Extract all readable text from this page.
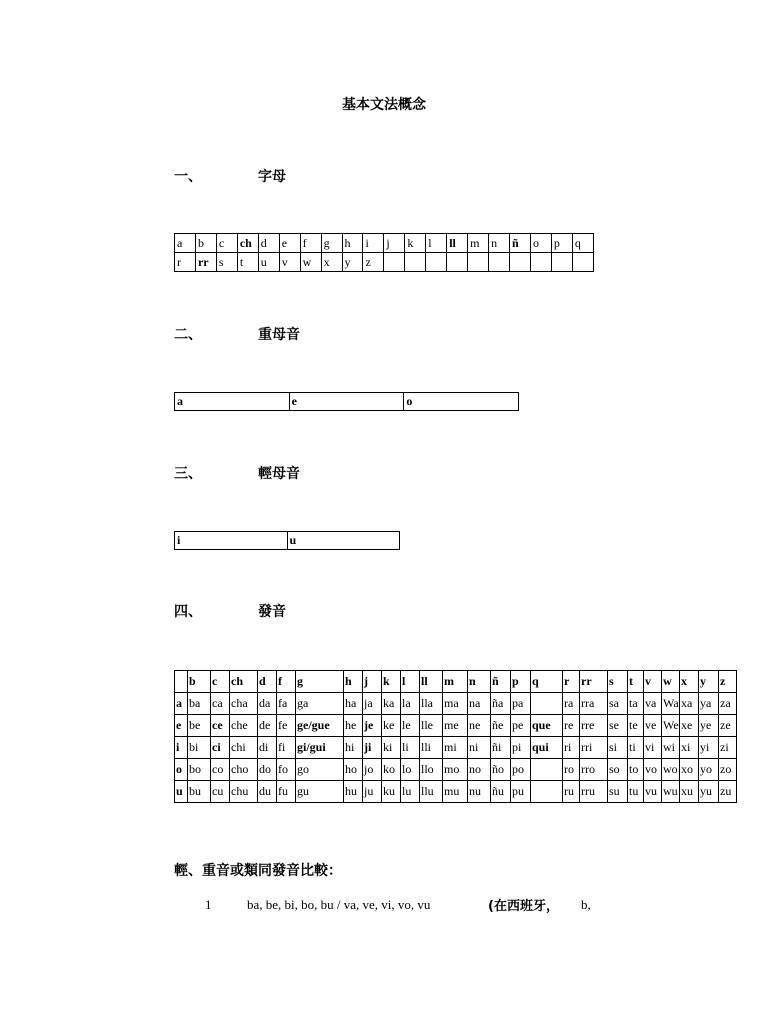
基本文法概念
一、	字母
a	b	c	ch	d	e	f	g	h	i	j	k	l	ll	m	n	ñ	o	p	q
r	rr	s	t	u	v	w	x	y	z										
二、	重母音
a	e	o
三、	輕母音
i	u
四、	發音
	b	c	ch	d	f	g	h	j	k	l	ll	m	n	ñ	p	q	r	rr	s	t	v	w	x	y	z
a	ba	ca	cha	da	fa	ga	ha	ja	ka	la	lla	ma	na	ña	pa		ra	rra	sa	ta	va	Wa	xa	ya	za
e	be	ce	che	de	fe	ge/gue	he	je	ke	le	lle	me	ne	ñe	pe	que	re	rre	se	te	ve	We	xe	ye	ze
i	bi	ci	chi	di	fi	gi/gui	hi	ji	ki	li	lli	mi	ni	ñi	pi	qui	ri	rri	si	ti	vi	wi	xi	yi	zi
o	bo	co	cho	do	fo	go	ho	jo	ko	lo	llo	mo	no	ño	po		ro	rro	so	to	vo	wo	xo	yo	zo
u	bu	cu	chu	du	fu	gu	hu	ju	ku	lu	llu	mu	nu	ñu	pu		ru	rru	su	tu	vu	wu	xu	yu	zu
輕、重音或類同發音比較：
1	ba, be, bi, bo, bu / va, ve, vi, vo, vu	(在西班牙， b,
